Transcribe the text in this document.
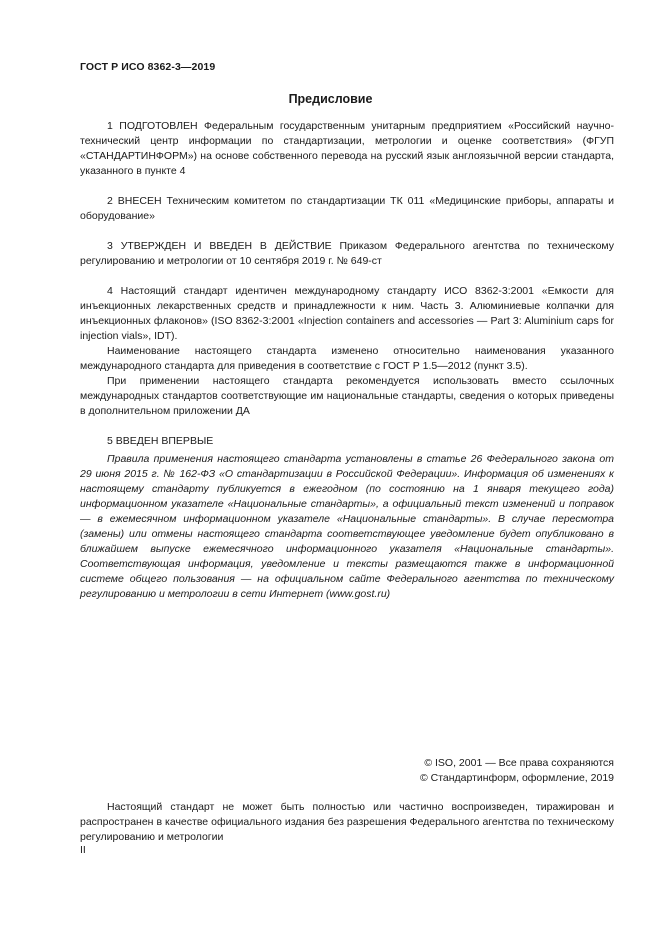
ГОСТ Р ИСО 8362-3—2019
Предисловие

1 ПОДГОТОВЛЕН Федеральным государственным унитарным предприятием «Российский научно-технический центр информации по стандартизации, метрологии и оценке соответствия» (ФГУП «СТАНДАРТИНФОРМ») на основе собственного перевода на русский язык англоязычной версии стандарта, указанного в пункте 4

2 ВНЕСЕН Техническим комитетом по стандартизации ТК 011 «Медицинские приборы, аппараты и оборудование»

3 УТВЕРЖДЕН И ВВЕДЕН В ДЕЙСТВИЕ Приказом Федерального агентства по техническому регулированию и метрологии от 10 сентября 2019 г. № 649-ст

4 Настоящий стандарт идентичен международному стандарту ИСО 8362-3:2001 «Емкости для инъекционных лекарственных средств и принадлежности к ним. Часть 3. Алюминиевые колпачки для инъекционных флаконов» (ISO 8362-3:2001 «Injection containers and accessories — Part 3: Aluminium caps for injection vials», IDT).

Наименование настоящего стандарта изменено относительно наименования указанного международного стандарта для приведения в соответствие с ГОСТ Р 1.5—2012 (пункт 3.5).

При применении настоящего стандарта рекомендуется использовать вместо ссылочных международных стандартов соответствующие им национальные стандарты, сведения о которых приведены в дополнительном приложении ДА

5 ВВЕДЕН ВПЕРВЫЕ

Правила применения настоящего стандарта установлены в статье 26 Федерального закона от 29 июня 2015 г. № 162-ФЗ «О стандартизации в Российской Федерации». Информация об изменениях к настоящему стандарту публикуется в ежегодном (по состоянию на 1 января текущего года) информационном указателе «Национальные стандарты», а официальный текст изменений и поправок — в ежемесячном информационном указателе «Национальные стандарты». В случае пересмотра (замены) или отмены настоящего стандарта соответствующее уведомление будет опубликовано в ближайшем выпуске ежемесячного информационного указателя «Национальные стандарты». Соответствующая информация, уведомление и тексты размещаются также в информационной системе общего пользования — на официальном сайте Федерального агентства по техническому регулированию и метрологии в сети Интернет (www.gost.ru)
© ISO, 2001 — Все права сохраняются
© Стандартинформ, оформление, 2019
Настоящий стандарт не может быть полностью или частично воспроизведен, тиражирован и распространен в качестве официального издания без разрешения Федерального агентства по техническому регулированию и метрологии
II
